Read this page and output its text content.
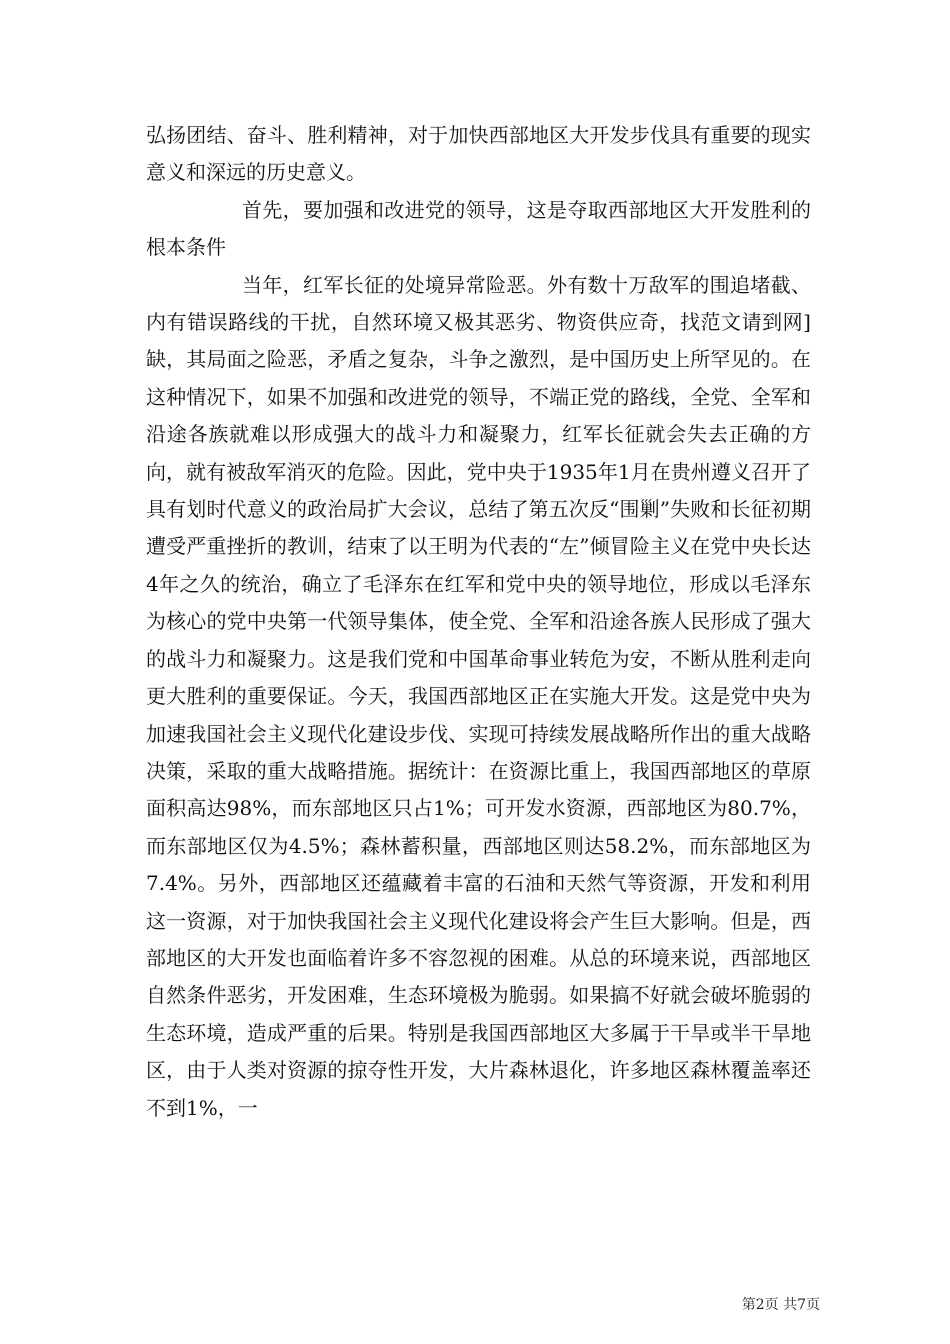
弘扬团结、奋斗、胜利精神，对于加快西部地区大开发步伐具有重要的现实意义和深远的历史意义。

首先，要加强和改进党的领导，这是夺取西部地区大开发胜利的根本条件

当年，红军长征的处境异常险恶。外有数十万敌军的围追堵截、内有错误路线的干扰，自然环境又极其恶劣、物资供应奇，找范文请到网]缺，其局面之险恶，矛盾之复杂，斗争之激烈，是中国历史上所罕见的。在这种情况下，如果不加强和改进党的领导，不端正党的路线，全党、全军和沿途各族就难以形成强大的战斗力和凝聚力，红军长征就会失去正确的方向，就有被敌军消灭的危险。因此，党中央于1935年1月在贵州遵义召开了具有划时代意义的政治局扩大会议，总结了第五次反“围剿”失败和长征初期遭受严重挫折的教训，结束了以王明为代表的“左”倾冒险主义在党中央长达4年之久的统治，确立了毛泽东在红军和党中央的领导地位，形成以毛泽东为核心的党中央第一代领导集体，使全党、全军和沿途各族人民形成了强大的战斗力和凝聚力。这是我们党和中国革命事业转危为安，不断从胜利走向更大胜利的重要保证。今天，我国西部地区正在实施大开发。这是党中央为加速我国社会主义现代化建设步伐、实现可持续发展战略所作出的重大战略决策，采取的重大战略措施。据统计：在资源比重上，我国西部地区的草原面积高达98%，而东部地区只占1%；可开发水资源，西部地区为80.7%，而东部地区仅为4.5%；森林蓄积量，西部地区则达58.2%，而东部地区为7.4%。另外，西部地区还蕴藏着丰富的石油和天然气等资源，开发和利用这一资源，对于加快我国社会主义现代化建设将会产生巨大影响。但是，西部地区的大开发也面临着许多不容忽视的困难。从总的环境来说，西部地区自然条件恶劣，开发困难，生态环境极为脆弱。如果搞不好就会破坏脆弱的生态环境，造成严重的后果。特别是我国西部地区大多属于干旱或半干旱地区，由于人类对资源的掠夺性开发，大片森林退化，许多地区森林覆盖率还不到1%，一

第2页 共7页
